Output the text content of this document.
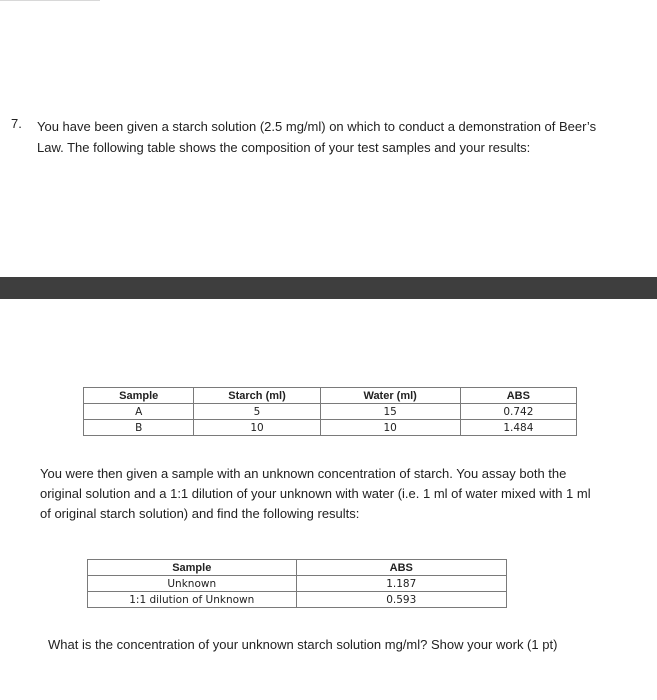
7. You have been given a starch solution (2.5 mg/ml) on which to conduct a demonstration of Beer’s Law. The following table shows the composition of your test samples and your results:

Sample	Starch (ml)	Water (ml)	ABS
A	5	15	0.742
B	10	10	1.484

You were then given a sample with an unknown concentration of starch. You assay both the original solution and a 1:1 dilution of your unknown with water (i.e. 1 ml of water mixed with 1 ml of original starch solution) and find the following results:

Sample	ABS
Unknown	1.187
1:1 dilution of Unknown	0.593

What is the concentration of your unknown starch solution mg/ml? Show your work (1 pt)
